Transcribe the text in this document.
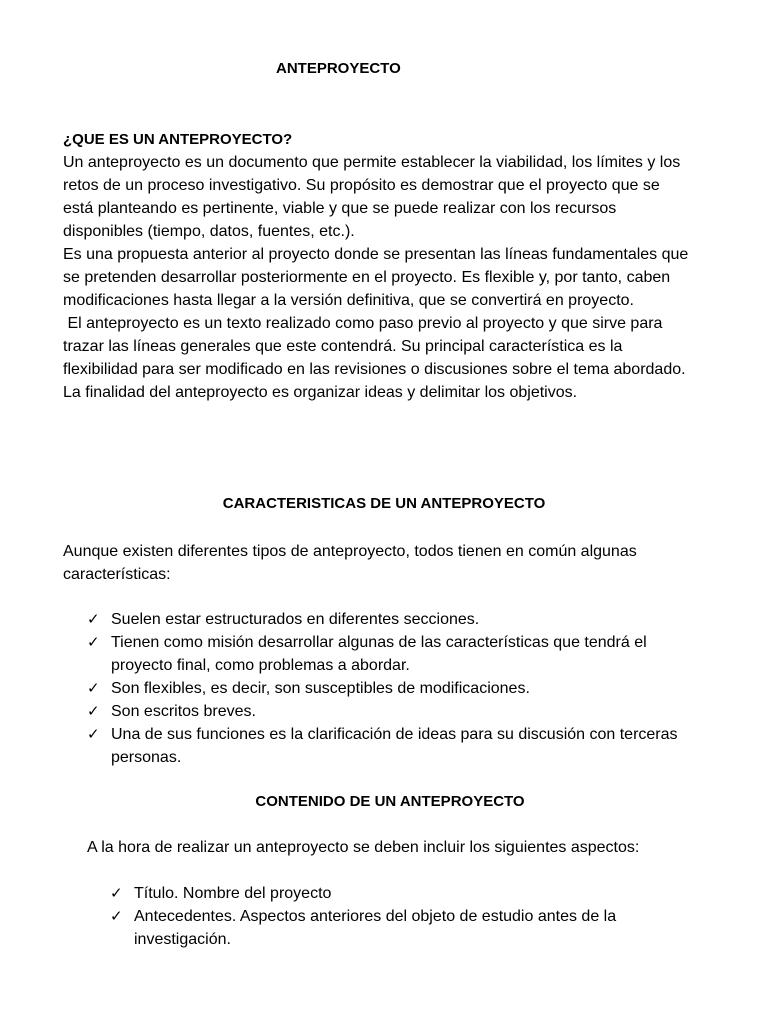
ANTEPROYECTO

¿QUE ES UN ANTEPROYECTO?

Un anteproyecto es un documento que permite establecer la viabilidad, los límites y los retos de un proceso investigativo. Su propósito es demostrar que el proyecto que se está planteando es pertinente, viable y que se puede realizar con los recursos disponibles (tiempo, datos, fuentes, etc.).

Es una propuesta anterior al proyecto donde se presentan las líneas fundamentales que se pretenden desarrollar posteriormente en el proyecto. Es flexible y, por tanto, caben modificaciones hasta llegar a la versión definitiva, que se convertirá en proyecto.

El anteproyecto es un texto realizado como paso previo al proyecto y que sirve para trazar las líneas generales que este contendrá. Su principal característica es la flexibilidad para ser modificado en las revisiones o discusiones sobre el tema abordado.

La finalidad del anteproyecto es organizar ideas y delimitar los objetivos.

CARACTERISTICAS DE UN ANTEPROYECTO

Aunque existen diferentes tipos de anteproyecto, todos tienen en común algunas características:

✓ Suelen estar estructurados en diferentes secciones.
✓ Tienen como misión desarrollar algunas de las características que tendrá el proyecto final, como problemas a abordar.
✓ Son flexibles, es decir, son susceptibles de modificaciones.
✓ Son escritos breves.
✓ Una de sus funciones es la clarificación de ideas para su discusión con terceras personas.

CONTENIDO DE UN ANTEPROYECTO

A la hora de realizar un anteproyecto se deben incluir los siguientes aspectos:

✓ Título. Nombre del proyecto
✓ Antecedentes. Aspectos anteriores del objeto de estudio antes de la investigación.
